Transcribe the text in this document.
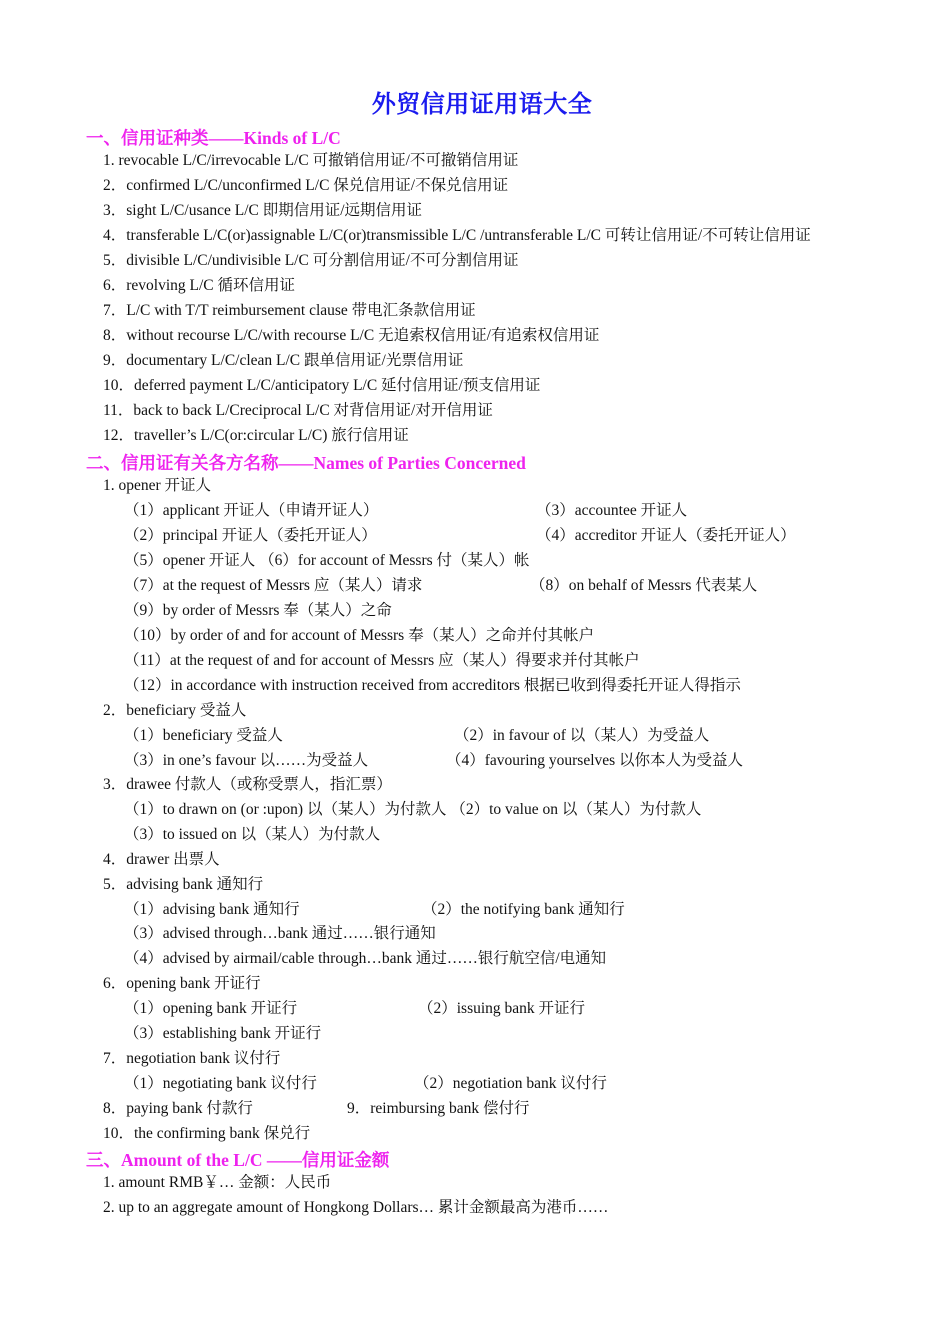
外贸信用证用语大全
一、信用证种类——Kinds of L/C
1. revocable L/C/irrevocable L/C 可撤销信用证/不可撤销信用证
2．confirmed L/C/unconfirmed L/C 保兑信用证/不保兑信用证
3．sight L/C/usance L/C 即期信用证/远期信用证
4．transferable L/C(or)assignable L/C(or)transmissible L/C /untransferable L/C 可转让信用证/不可转让信用证
5．divisible L/C/undivisible L/C 可分割信用证/不可分割信用证
6．revolving L/C 循环信用证
7．L/C with T/T reimbursement clause 带电汇条款信用证
8．without recourse L/C/with recourse L/C 无追索权信用证/有追索权信用证
9．documentary L/C/clean L/C 跟单信用证/光票信用证
10．deferred payment L/C/anticipatory L/C 延付信用证/预支信用证
11．back to back L/Creciprocal L/C 对背信用证/对开信用证
12．traveller’s L/C(or:circular L/C) 旅行信用证
二、信用证有关各方名称——Names of Parties Concerned
1. opener 开证人
（1）applicant 开证人（申请开证人）	（3）accountee 开证人
（2）principal 开证人（委托开证人）	（4）accreditor 开证人（委托开证人）
（5）opener 开证人 （6）for account of Messrs 付（某人）帐
（7）at the request of Messrs 应（某人）请求	（8）on behalf of Messrs 代表某人
（9）by order of Messrs 奉（某人）之命
（10）by order of and for account of Messrs 奉（某人）之命并付其帐户
（11）at the request of and for account of Messrs 应（某人）得要求并付其帐户
（12）in accordance with instruction received from accreditors 根据已收到得委托开证人得指示
2．beneficiary 受益人
（1）beneficiary 受益人	（2）in favour of 以（某人）为受益人
（3）in one’s favour 以……为受益人	（4）favouring yourselves 以你本人为受益人
3．drawee 付款人（或称受票人，指汇票）
（1）to drawn on (or :upon) 以（某人）为付款人 （2）to value on 以（某人）为付款人
（3）to issued on 以（某人）为付款人
4．drawer 出票人
5．advising bank 通知行
（1）advising bank 通知行	（2）the notifying bank 通知行
（3）advised through…bank 通过……银行通知
（4）advised by airmail/cable through…bank 通过……银行航空信/电通知
6．opening bank 开证行
（1）opening bank 开证行	（2）issuing bank 开证行
（3）establishing bank 开证行
7．negotiation bank 议付行
（1）negotiating bank 议付行	（2）negotiation bank 议付行
8．paying bank 付款行	9．reimbursing bank 偿付行
10．the confirming bank 保兑行
三、Amount of the L/C ——信用证金额
1. amount RMB￥… 金额：人民币
2. up to an aggregate amount of Hongkong Dollars… 累计金额最高为港币……
